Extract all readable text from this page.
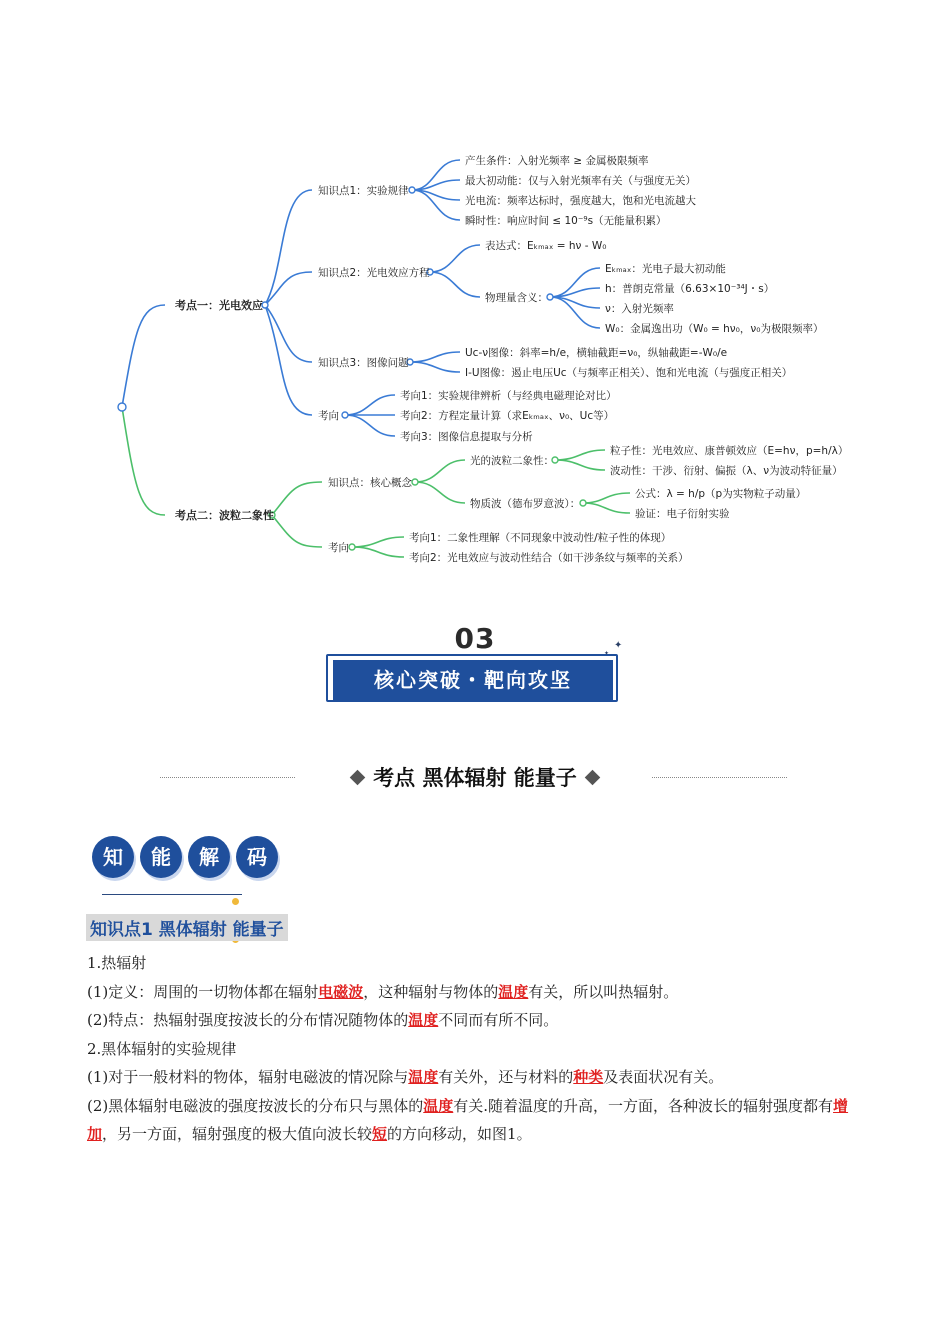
考点一：光电效应
考点二：波粒二象性
知识点1：实验规律
产生条件：入射光频率 ≥ 金属极限频率
最大初动能：仅与入射光频率有关（与强度无关）
光电流：频率达标时，强度越大，饱和光电流越大
瞬时性：响应时间 ≤ 10⁻⁹s（无能量积累）
知识点2：光电效应方程
表达式：Eₖₘₐₓ = hν - W₀
物理量含义：
Eₖₘₐₓ：光电子最大初动能
h：普朗克常量（6.63×10⁻³⁴J・s）
ν：入射光频率
W₀：金属逸出功（W₀ = hν₀，ν₀为极限频率）
知识点3：图像问题
Uc-ν图像：斜率=h/e，横轴截距=ν₀，纵轴截距=-W₀/e
I-U图像：遏止电压Uc（与频率正相关）、饱和光电流（与强度正相关）
考向
考向1：实验规律辨析（与经典电磁理论对比）
考向2：方程定量计算（求Eₖₘₐₓ、ν₀、Uc等）
考向3：图像信息提取与分析
知识点：核心概念
光的波粒二象性：
粒子性：光电效应、康普顿效应（E=hν，p=h/λ）
波动性：干涉、衍射、偏振（λ、ν为波动特征量）
物质波（德布罗意波）：
公式：λ = h/p（p为实物粒子动量）
验证：电子衍射实验
考向
考向1：二象性理解（不同现象中波动性/粒子性的体现）
考向2：光电效应与波动性结合（如干涉条纹与频率的关系）
03
核心突破・靶向攻坚
✦
✦
考点 黑体辐射 能量子
知	能	解	码
知识点1 黑体辐射 能量子

1.热辐射

(1)定义：周围的一切物体都在辐射电磁波，这种辐射与物体的温度有关，所以叫热辐射。

(2)特点：热辐射强度按波长的分布情况随物体的温度不同而有所不同。

2.黑体辐射的实验规律

(1)对于一般材料的物体，辐射电磁波的情况除与温度有关外，还与材料的种类及表面状况有关。

(2)黑体辐射电磁波的强度按波长的分布只与黑体的温度有关.随着温度的升高，一方面，各种波长的辐射强度都有增加，另一方面，辐射强度的极大值向波长较短的方向移动，如图1。
